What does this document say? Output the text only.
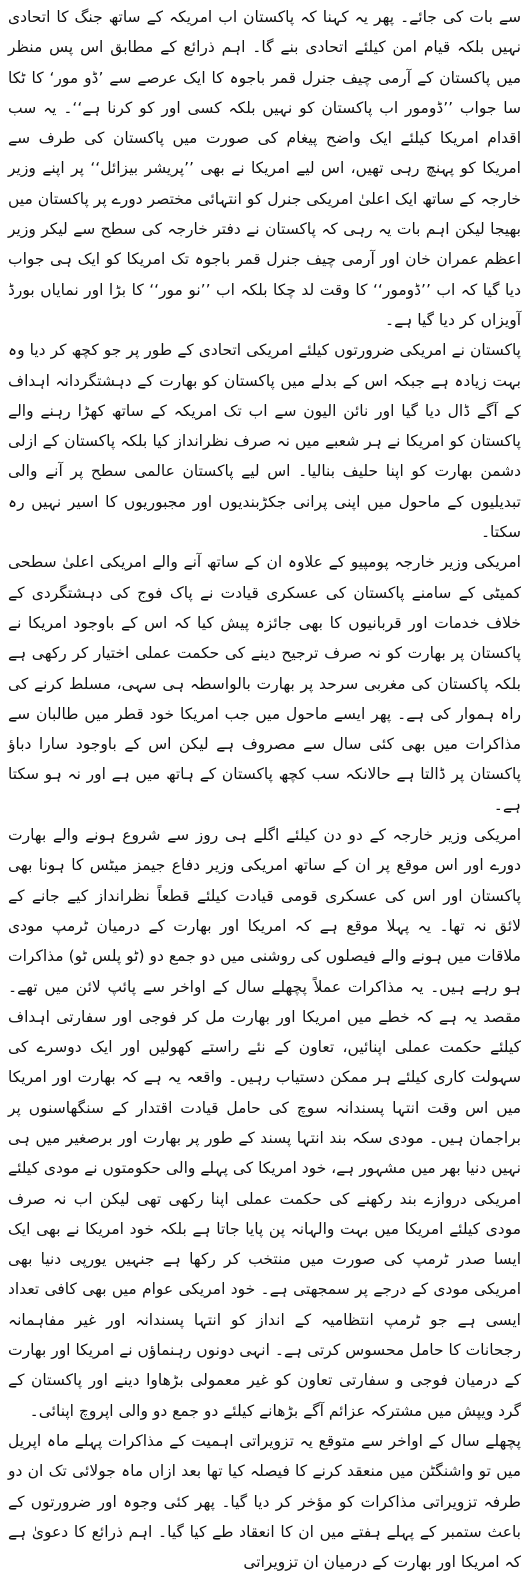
سے بات کی جائے۔ پھر یہ کہنا کہ پاکستان اب امریکہ کے ساتھ جنگ کا اتحادی نہیں بلکہ قیام امن کیلئے اتحادی بنے گا۔ اہم ذرائع کے مطابق اس پس منظر میں پاکستان کے آرمی چیف جنرل قمر باجوہ کا ایک عرصے سے ’ڈو مور‘ کا ٹکا سا جواب ’’ڈومور اب پاکستان کو نہیں بلکہ کسی اور کو کرنا ہے‘‘۔ یہ سب اقدام امریکا کیلئے ایک واضح پیغام کی صورت میں پاکستان کی طرف سے امریکا کو پہنچ رہی تھیں، اس لیے امریکا نے بھی ’’پریشر بیزائل‘‘ پر اپنے وزیر خارجہ کے ساتھ ایک اعلیٰ امریکی جنرل کو انتہائی مختصر دورے پر پاکستان میں بھیجا لیکن اہم بات یہ رہی کہ پاکستان نے دفتر خارجہ کی سطح سے لیکر وزیر اعظم عمران خان اور آرمی چیف جنرل قمر باجوہ تک امریکا کو ایک ہی جواب دیا گیا کہ اب ’’ڈومور‘‘ کا وقت لد چکا بلکہ اب ’’نو مور‘‘ کا بڑا اور نمایاں بورڈ آویزاں کر دیا گیا ہے۔

پاکستان نے امریکی ضرورتوں کیلئے امریکی اتحادی کے طور پر جو کچھ کر دیا وہ بہت زیادہ ہے جبکہ اس کے بدلے میں پاکستان کو بھارت کے دہشتگردانہ اہداف کے آگے ڈال دیا گیا اور نائن الیون سے اب تک امریکہ کے ساتھ کھڑا رہنے والے پاکستان کو امریکا نے ہر شعبے میں نہ صرف نظرانداز کیا بلکہ پاکستان کے ازلی دشمن بھارت کو اپنا حلیف بنالیا۔ اس لیے پاکستان عالمی سطح پر آنے والی تبدیلیوں کے ماحول میں اپنی پرانی جکڑبندیوں اور مجبوریوں کا اسیر نہیں رہ سکتا۔

امریکی وزیر خارجہ پومپیو کے علاوہ ان کے ساتھ آنے والے امریکی اعلیٰ سطحی کمیٹی کے سامنے پاکستان کی عسکری قیادت نے پاک فوج کی دہشتگردی کے خلاف خدمات اور قربانیوں کا بھی جائزہ پیش کیا کہ اس کے باوجود امریکا نے پاکستان پر بھارت کو نہ صرف ترجیح دینے کی حکمت عملی اختیار کر رکھی ہے بلکہ پاکستان کی مغربی سرحد پر بھارت بالواسطہ ہی سہی، مسلط کرنے کی راہ ہموار کی ہے۔ پھر ایسے ماحول میں جب امریکا خود قطر میں طالبان سے مذاکرات میں بھی کئی سال سے مصروف ہے لیکن اس کے باوجود سارا دباؤ پاکستان پر ڈالتا ہے حالانکہ سب کچھ پاکستان کے ہاتھ میں ہے اور نہ ہو سکتا ہے۔

امریکی وزیر خارجہ کے دو دن کیلئے اگلے ہی روز سے شروع ہونے والے بھارت دورے اور اس موقع پر ان کے ساتھ امریکی وزیر دفاع جیمز میٹس کا ہونا بھی پاکستان اور اس کی عسکری قومی قیادت کیلئے قطعاً نظرانداز کیے جانے کے لائق نہ تھا۔ یہ پہلا موقع ہے کہ امریکا اور بھارت کے درمیان ٹرمپ مودی ملاقات میں ہونے والے فیصلوں کی روشنی میں دو جمع دو (ٹو پلس ٹو) مذاکرات ہو رہے ہیں۔ یہ مذاکرات عملاً پچھلے سال کے اواخر سے پائپ لائن میں تھے۔ مقصد یہ ہے کہ خطے میں امریکا اور بھارت مل کر فوجی اور سفارتی اہداف کیلئے حکمت عملی اپنائیں، تعاون کے نئے راستے کھولیں اور ایک دوسرے کی سہولت کاری کیلئے ہر ممکن دستیاب رہیں۔ واقعہ یہ ہے کہ بھارت اور امریکا میں اس وقت انتہا پسندانہ سوچ کی حامل قیادت اقتدار کے سنگھاسنوں پر براجمان ہیں۔ مودی سکہ بند انتہا پسند کے طور پر بھارت اور برصغیر میں ہی نہیں دنیا بھر میں مشہور ہے، خود امریکا کی پہلے والی حکومتوں نے مودی کیلئے امریکی دروازے بند رکھنے کی حکمت عملی اپنا رکھی تھی لیکن اب نہ صرف مودی کیلئے امریکا میں بہت والہانہ پن پایا جاتا ہے بلکہ خود امریکا نے بھی ایک ایسا صدر ٹرمپ کی صورت میں منتخب کر رکھا ہے جنہیں یورپی دنیا بھی امریکی مودی کے درجے پر سمجھتی ہے۔ خود امریکی عوام میں بھی کافی تعداد ایسی ہے جو ٹرمپ انتظامیہ کے انداز کو انتہا پسندانہ اور غیر مفاہمانہ رجحانات کا حامل محسوس کرتی ہے۔ انہی دونوں رہنماؤں نے امریکا اور بھارت کے درمیان فوجی و سفارتی تعاون کو غیر معمولی بڑھاوا دینے اور پاکستان کے گرد ویپش میں مشترکہ عزائم آگے بڑھانے کیلئے دو جمع دو والی اپروچ اپنائی۔

پچھلے سال کے اواخر سے متوقع یہ تزویراتی اہمیت کے مذاکرات پہلے ماہ اپریل میں تو واشنگٹن میں منعقد کرنے کا فیصلہ کیا تھا بعد ازاں ماہ جولائی تک ان دو طرفہ تزویراتی مذاکرات کو مؤخر کر دیا گیا۔ پھر کئی وجوہ اور ضرورتوں کے باعث ستمبر کے پہلے ہفتے میں ان کا انعقاد طے کیا گیا۔ اہم ذرائع کا دعویٰ ہے کہ امریکا اور بھارت کے درمیان ان تزویراتی
